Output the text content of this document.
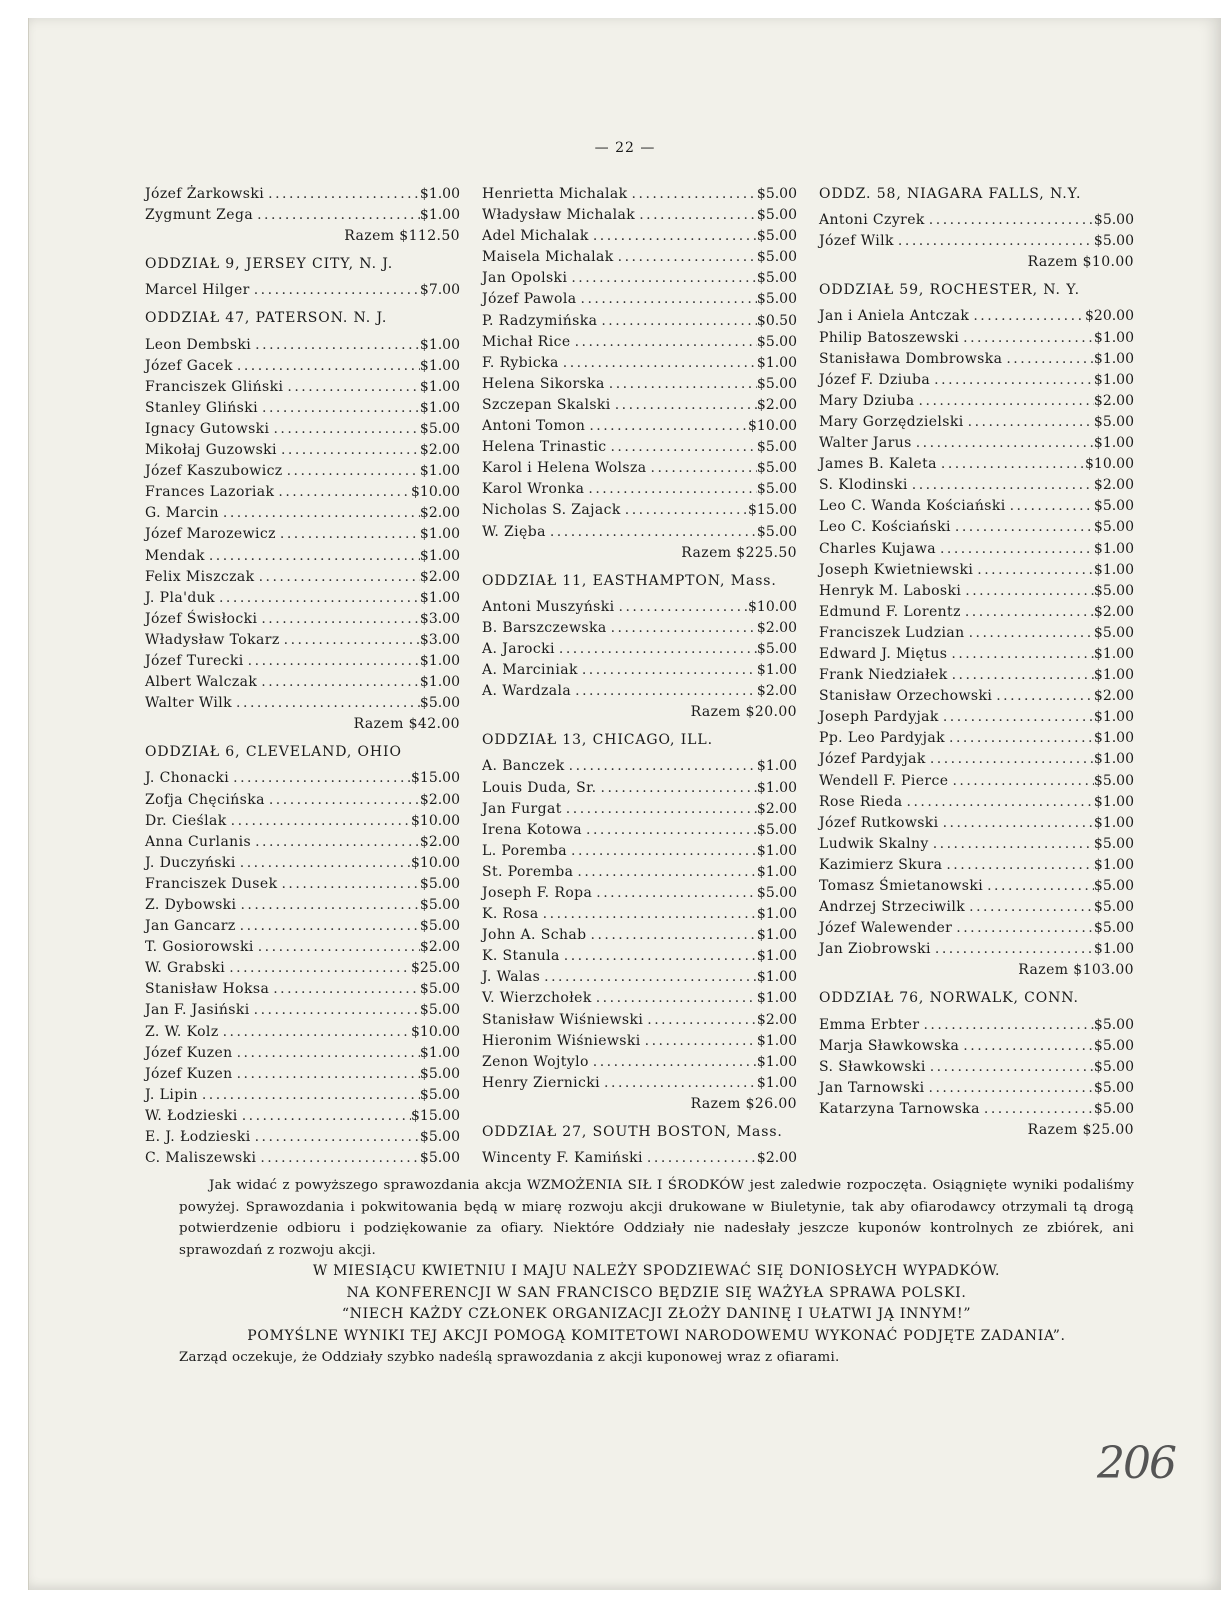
— 22 —
Józef Żarkowski .....	$1.00
Zygmunt Zega .....	$1.00
Razem $112.50
ODDZIAŁ 9, JERSEY CITY, N. J.
Marcel Hilger .....	$7.00
ODDZIAŁ 47, PATERSON. N. J.
Leon Dembski .....	$1.00
Józef Gacek .....	$1.00
Franciszek Gliński .....	$1.00
Stanley Gliński .....	$1.00
Ignacy Gutowski .....	$5.00
Mikołaj Guzowski .....	$2.00
Józef Kaszubowicz .....	$1.00
Frances Lazoriak .....	$10.00
G. Marcin .....	$2.00
Józef Marozewicz .....	$1.00
Mendak .....	$1.00
Felix Miszczak .....	$2.00
J. Pla'duk .....	$1.00
Józef Świsłocki .....	$3.00
Władysław Tokarz .....	$3.00
Józef Turecki .....	$1.00
Albert Walczak .....	$1.00
Walter Wilk .....	$5.00
Razem $42.00
ODDZIAŁ 6, CLEVELAND, OHIO
J. Chonacki .....	$15.00
Zofja Chęcińska .....	$2.00
Dr. Cieślak .....	$10.00
Anna Curlanis .....	$2.00
J. Duczyński .....	$10.00
Franciszek Dusek .....	$5.00
Z. Dybowski .....	$5.00
Jan Gancarz .....	$5.00
T. Gosiorowski .....	$2.00
W. Grabski .....	$25.00
Stanisław Hoksa .....	$5.00
Jan F. Jasiński .....	$5.00
Z. W. Kolz .....	$10.00
Józef Kuzen .....	$1.00
Józef Kuzen .....	$5.00
J. Lipin .....	$5.00
W. Łodzieski .....	$15.00
E. J. Łodzieski .....	$5.00
C. Maliszewski .....	$5.00
Henrietta Michalak .....	$5.00
Władysław Michalak .....	$5.00
Adel Michalak .....	$5.00
Maisela Michalak .....	$5.00
Jan Opolski .....	$5.00
Józef Pawola .....	$5.00
P. Radzymińska .....	$0.50
Michał Rice .....	$5.00
F. Rybicka .....	$1.00
Helena Sikorska .....	$5.00
Szczepan Skalski .....	$2.00
Antoni Tomon .....	$10.00
Helena Trinastic .....	$5.00
Karol i Helena Wolsza .....	$5.00
Karol Wronka .....	$5.00
Nicholas S. Zajack .....	$15.00
W. Zięba .....	$5.00
Razem $225.50
ODDZIAŁ 11, EASTHAMPTON, Mass.
Antoni Muszyński .....	$10.00
B. Barszczewska .....	$2.00
A. Jarocki .....	$5.00
A. Marciniak .....	$1.00
A. Wardzala .....	$2.00
Razem $20.00
ODDZIAŁ 13, CHICAGO, ILL.
A. Banczek .....	$1.00
Louis Duda, Sr. .....	$1.00
Jan Furgat .....	$2.00
Irena Kotowa .....	$5.00
L. Poremba .....	$1.00
St. Poremba .....	$1.00
Joseph F. Ropa .....	$5.00
K. Rosa .....	$1.00
John A. Schab .....	$1.00
K. Stanula .....	$1.00
J. Walas .....	$1.00
V. Wierzchołek .....	$1.00
Stanisław Wiśniewski .....	$2.00
Hieronim Wiśniewski .....	$1.00
Zenon Wojtylo .....	$1.00
Henry Ziernicki .....	$1.00
Razem $26.00
ODDZIAŁ 27, SOUTH BOSTON, Mass.
Wincenty F. Kamiński .....	$2.00
ODDZ. 58, NIAGARA FALLS, N.Y.
Antoni Czyrek .....	$5.00
Józef Wilk .....	$5.00
Razem $10.00
ODDZIAŁ 59, ROCHESTER, N. Y.
Jan i Aniela Antczak .....	$20.00
Philip Batoszewski .....	$1.00
Stanisława Dombrowska .....	$1.00
Józef F. Dziuba .....	$1.00
Mary Dziuba .....	$2.00
Mary Gorzędzielski .....	$5.00
Walter Jarus .....	$1.00
James B. Kaleta .....	$10.00
S. Klodinski .....	$2.00
Leo C. Wanda Kościański .....	$5.00
Leo C. Kościański .....	$5.00
Charles Kujawa .....	$1.00
Joseph Kwietniewski .....	$1.00
Henryk M. Laboski .....	$5.00
Edmund F. Lorentz .....	$2.00
Franciszek Ludzian .....	$5.00
Edward J. Miętus .....	$1.00
Frank Niedziałek .....	$1.00
Stanisław Orzechowski .....	$2.00
Joseph Pardyjak .....	$1.00
Pp. Leo Pardyjak .....	$1.00
Józef Pardyjak .....	$1.00
Wendell F. Pierce .....	$5.00
Rose Rieda .....	$1.00
Józef Rutkowski .....	$1.00
Ludwik Skalny .....	$5.00
Kazimierz Skura .....	$1.00
Tomasz Śmietanowski .....	$5.00
Andrzej Strzeciwilk .....	$5.00
Józef Walewender .....	$5.00
Jan Ziobrowski .....	$1.00
Razem $103.00
ODDZIAŁ 76, NORWALK, CONN.
Emma Erbter .....	$5.00
Marja Sławkowska .....	$5.00
S. Sławkowski .....	$5.00
Jan Tarnowski .....	$5.00
Katarzyna Tarnowska .....	$5.00
Razem $25.00
Jak widać z powyższego sprawozdania akcja WZMOŻENIA SIŁ I ŚRODKÓW jest zaledwie rozpoczęta. Osiągnięte wyniki podaliśmy powyżej. Sprawozdania i pokwitowania będą w miarę rozwoju akcji drukowane w Biuletynie, tak aby ofiarodawcy otrzymali tą drogą potwierdzenie odbioru i podziękowanie za ofiary. Niektóre Oddziały nie nadesłały jeszcze kuponów kontrolnych ze zbiórek, ani sprawozdań z rozwoju akcji.
W MIESIĄCU KWIETNIU I MAJU NALEŻY SPODZIEWAĆ SIĘ DONIOSŁYCH WYPADKÓW.
NA KONFERENCJI W SAN FRANCISCO BĘDZIE SIĘ WAŻYŁA SPRAWA POLSKI.
“NIECH KAŻDY CZŁONEK ORGANIZACJI ZŁOŻY DANINĘ I UŁATWI JĄ INNYM!”
POMYŚLNE WYNIKI TEJ AKCJI POMOGĄ KOMITETOWI NARODOWEMU WYKONAĆ PODJĘTE ZADANIA”.
Zarząd oczekuje, że Oddziały szybko nadeślą sprawozdania z akcji kuponowej wraz z ofiarami.
206
